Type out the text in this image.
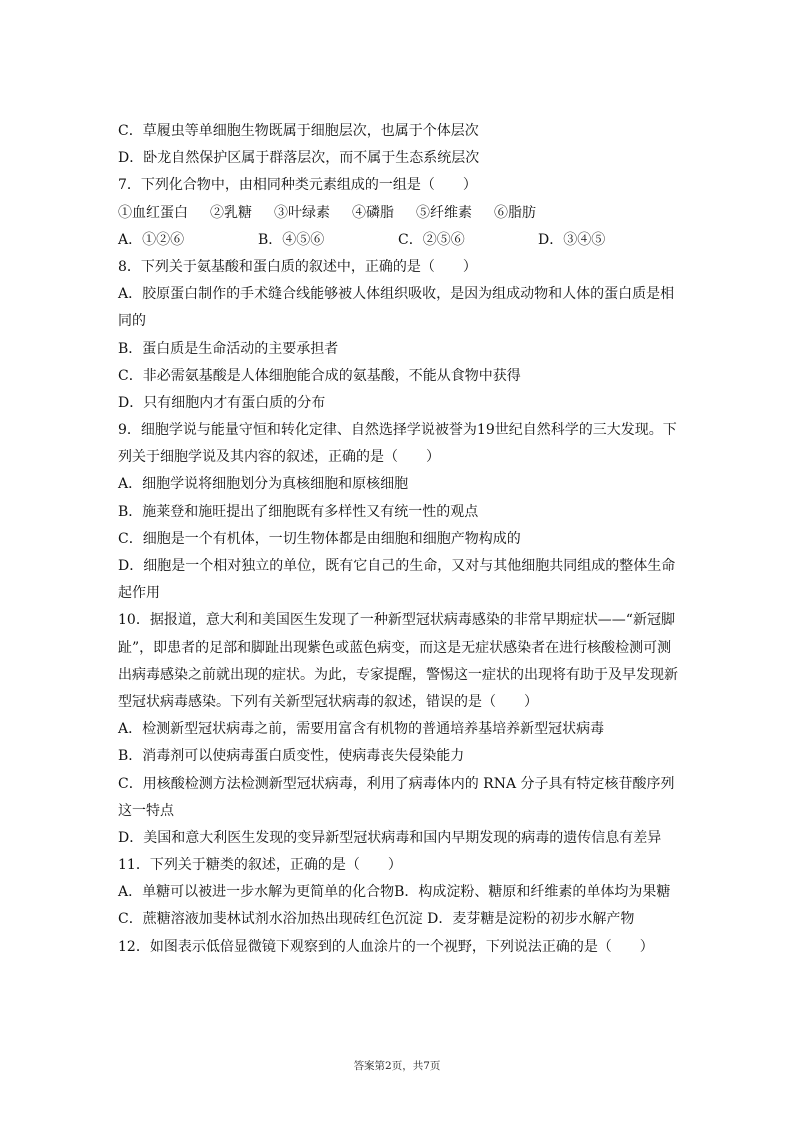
C．草履虫等单细胞生物既属于细胞层次，也属于个体层次
D．卧龙自然保护区属于群落层次，而不属于生态系统层次
7．下列化合物中，由相同种类元素组成的一组是（　　）
①血红蛋白 ②乳糖 ③叶绿素 ④磷脂 ⑤纤维素 ⑥脂肪
A．①②⑥	B．④⑤⑥	C．②⑤⑥	D．③④⑤
8．下列关于氨基酸和蛋白质的叙述中，正确的是（　　）
A．胶原蛋白制作的手术缝合线能够被人体组织吸收，是因为组成动物和人体的蛋白质是相
同的
B．蛋白质是生命活动的主要承担者
C．非必需氨基酸是人体细胞能合成的氨基酸，不能从食物中获得
D．只有细胞内才有蛋白质的分布
9．细胞学说与能量守恒和转化定律、自然选择学说被誉为19世纪自然科学的三大发现。下
列关于细胞学说及其内容的叙述，正确的是（　　）
A．细胞学说将细胞划分为真核细胞和原核细胞
B．施莱登和施旺提出了细胞既有多样性又有统一性的观点
C．细胞是一个有机体，一切生物体都是由细胞和细胞产物构成的
D．细胞是一个相对独立的单位，既有它自己的生命，又对与其他细胞共同组成的整体生命
起作用
10．据报道，意大利和美国医生发现了一种新型冠状病毒感染的非常早期症状——“新冠脚
趾”，即患者的足部和脚趾出现紫色或蓝色病变，而这是无症状感染者在进行核酸检测可测
出病毒感染之前就出现的症状。为此，专家提醒，警惕这一症状的出现将有助于及早发现新
型冠状病毒感染。下列有关新型冠状病毒的叙述，错误的是（　　）
A．检测新型冠状病毒之前，需要用富含有机物的普通培养基培养新型冠状病毒
B．消毒剂可以使病毒蛋白质变性，使病毒丧失侵染能力
C．用核酸检测方法检测新型冠状病毒，利用了病毒体内的 RNA 分子具有特定核苷酸序列
这一特点
D．美国和意大利医生发现的变异新型冠状病毒和国内早期发现的病毒的遗传信息有差异
11．下列关于糖类的叙述，正确的是（　　）
A．单糖可以被进一步水解为更简单的化合物B．构成淀粉、糖原和纤维素的单体均为果糖
C．蔗糖溶液加斐林试剂水浴加热出现砖红色沉淀 D．麦芽糖是淀粉的初步水解产物
12．如图表示低倍显微镜下观察到的人血涂片的一个视野，下列说法正确的是（　　）
答案第2页，共7页
